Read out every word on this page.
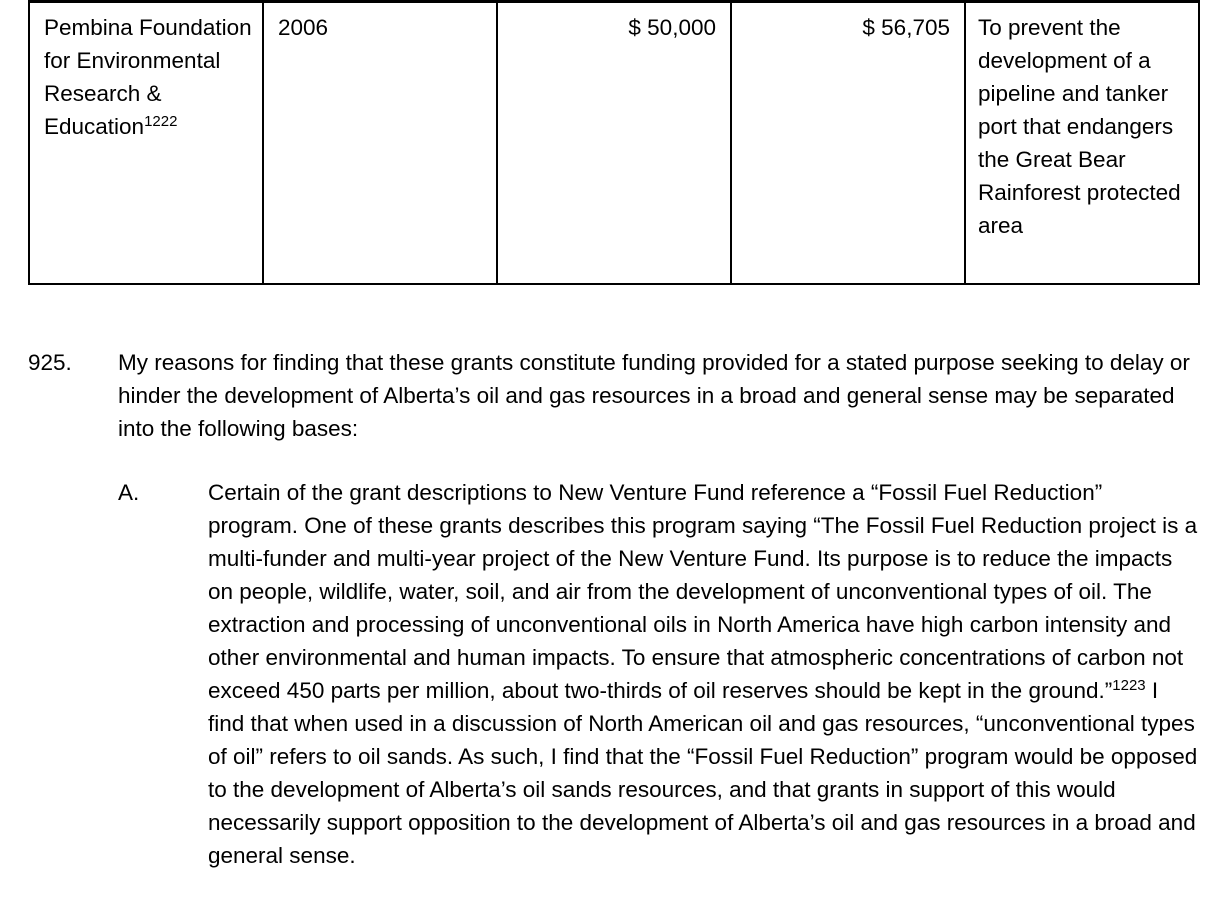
Pembina Foundation for Environmental Research & Education$^{1222}$	2006	$ 50,000	$ 56,705	To prevent the development of a pipeline and tanker port that endangers the Great Bear Rainforest protected area

925. My reasons for finding that these grants constitute funding provided for a stated purpose seeking to delay or hinder the development of Alberta’s oil and gas resources in a broad and general sense may be separated into the following bases:

A.	Certain of the grant descriptions to New Venture Fund reference a “Fossil Fuel Reduction” program. One of these grants describes this program saying “The Fossil Fuel Reduction project is a multi-funder and multi-year project of the New Venture Fund. Its purpose is to reduce the impacts on people, wildlife, water, soil, and air from the development of unconventional types of oil. The extraction and processing of unconventional oils in North America have high carbon intensity and other environmental and human impacts. To ensure that atmospheric concentrations of carbon not exceed 450 parts per million, about two-thirds of oil reserves should be kept in the ground.”$^{1223}$ I find that when used in a discussion of North American oil and gas resources, “unconventional types of oil” refers to oil sands. As such, I find that the “Fossil Fuel Reduction” program would be opposed to the development of Alberta’s oil sands resources, and that grants in support of this would necessarily support opposition to the development of Alberta’s oil and gas resources in a broad and general sense.
